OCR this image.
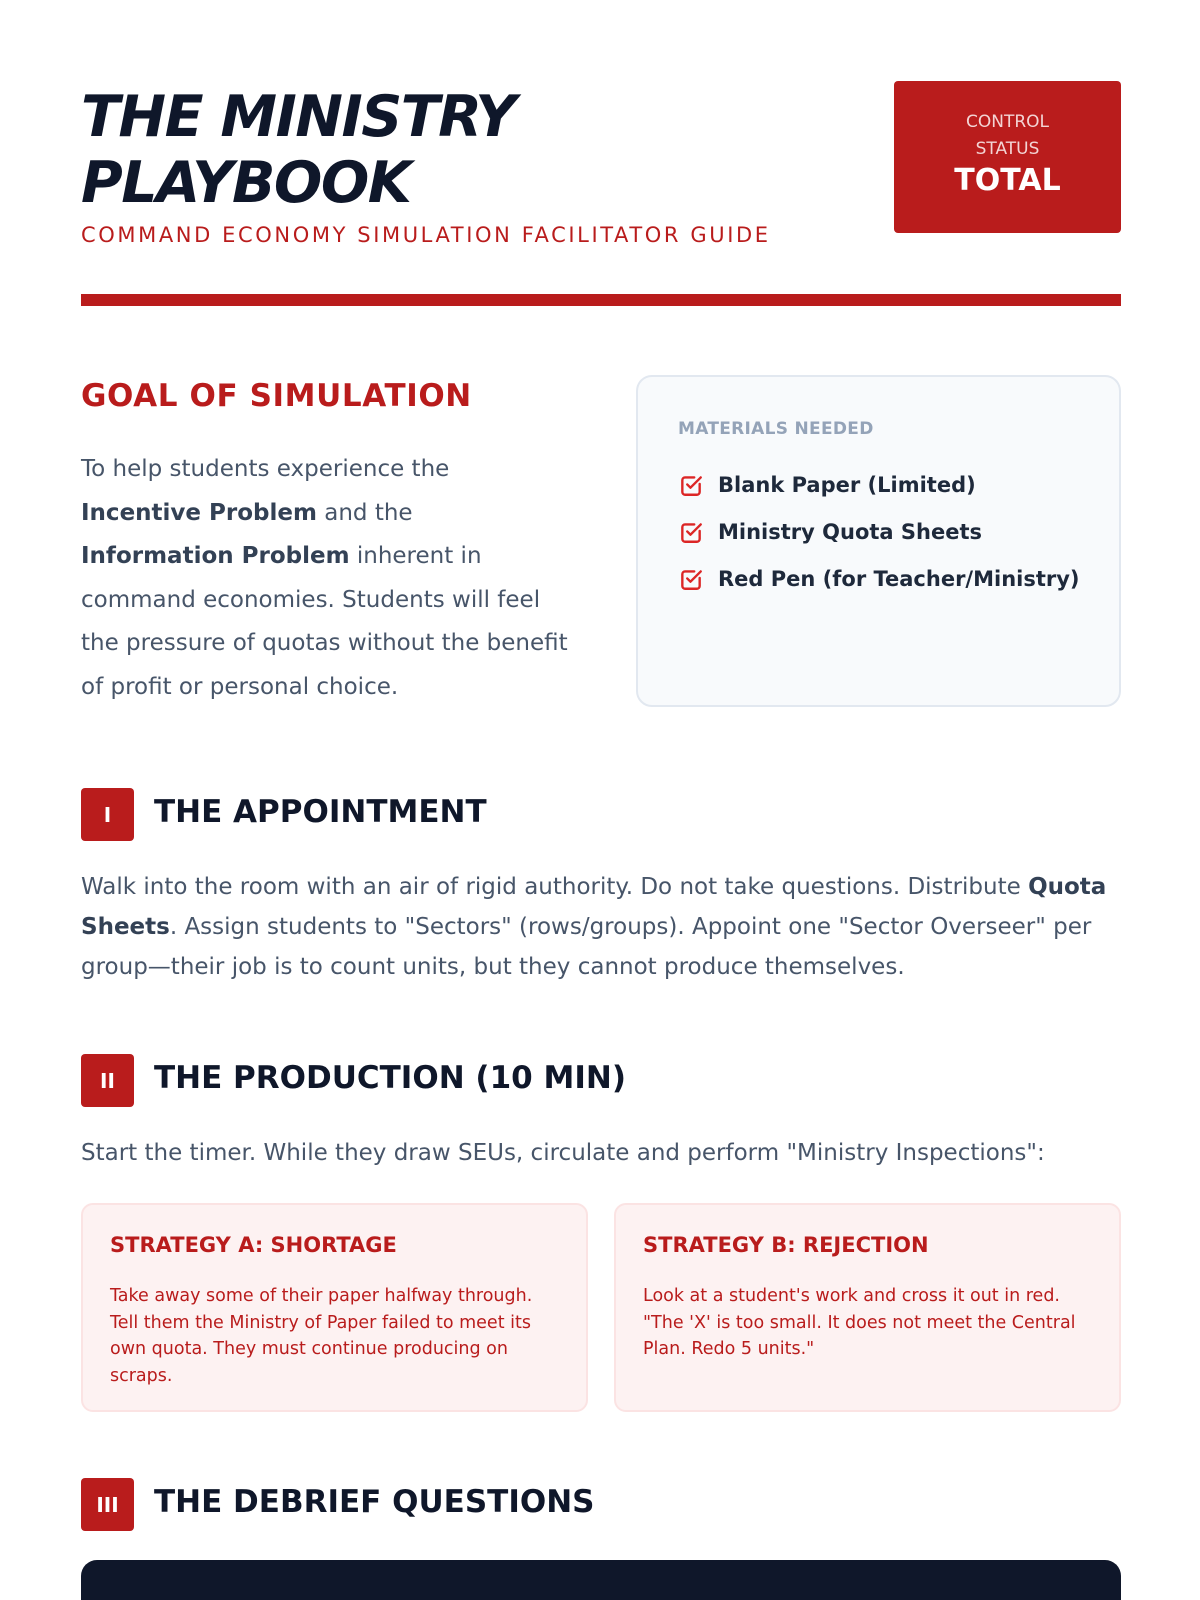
THE MINISTRY
PLAYBOOK
COMMAND ECONOMY SIMULATION FACILITATOR GUIDE
CONTROL
STATUS
TOTAL
GOAL OF SIMULATION

To help students experience the Incentive Problem and the Information Problem inherent in command economies. Students will feel the pressure of quotas without the benefit of profit or personal choice.

MATERIALS NEEDED
Blank Paper (Limited)
Ministry Quota Sheets
Red Pen (for Teacher/Ministry)
I	THE APPOINTMENT

Walk into the room with an air of rigid authority. Do not take questions. Distribute Quota Sheets. Assign students to "Sectors" (rows/groups). Appoint one "Sector Overseer" per group—their job is to count units, but they cannot produce themselves.

II	THE PRODUCTION (10 MIN)

Start the timer. While they draw SEUs, circulate and perform "Ministry Inspections":

STRATEGY A: SHORTAGE
Take away some of their paper halfway through. Tell them the Ministry of Paper failed to meet its own quota. They must continue producing on scraps.
STRATEGY B: REJECTION
Look at a student's work and cross it out in red. "The 'X' is too small. It does not meet the Central Plan. Redo 5 units."
III	THE DEBRIEF QUESTIONS
